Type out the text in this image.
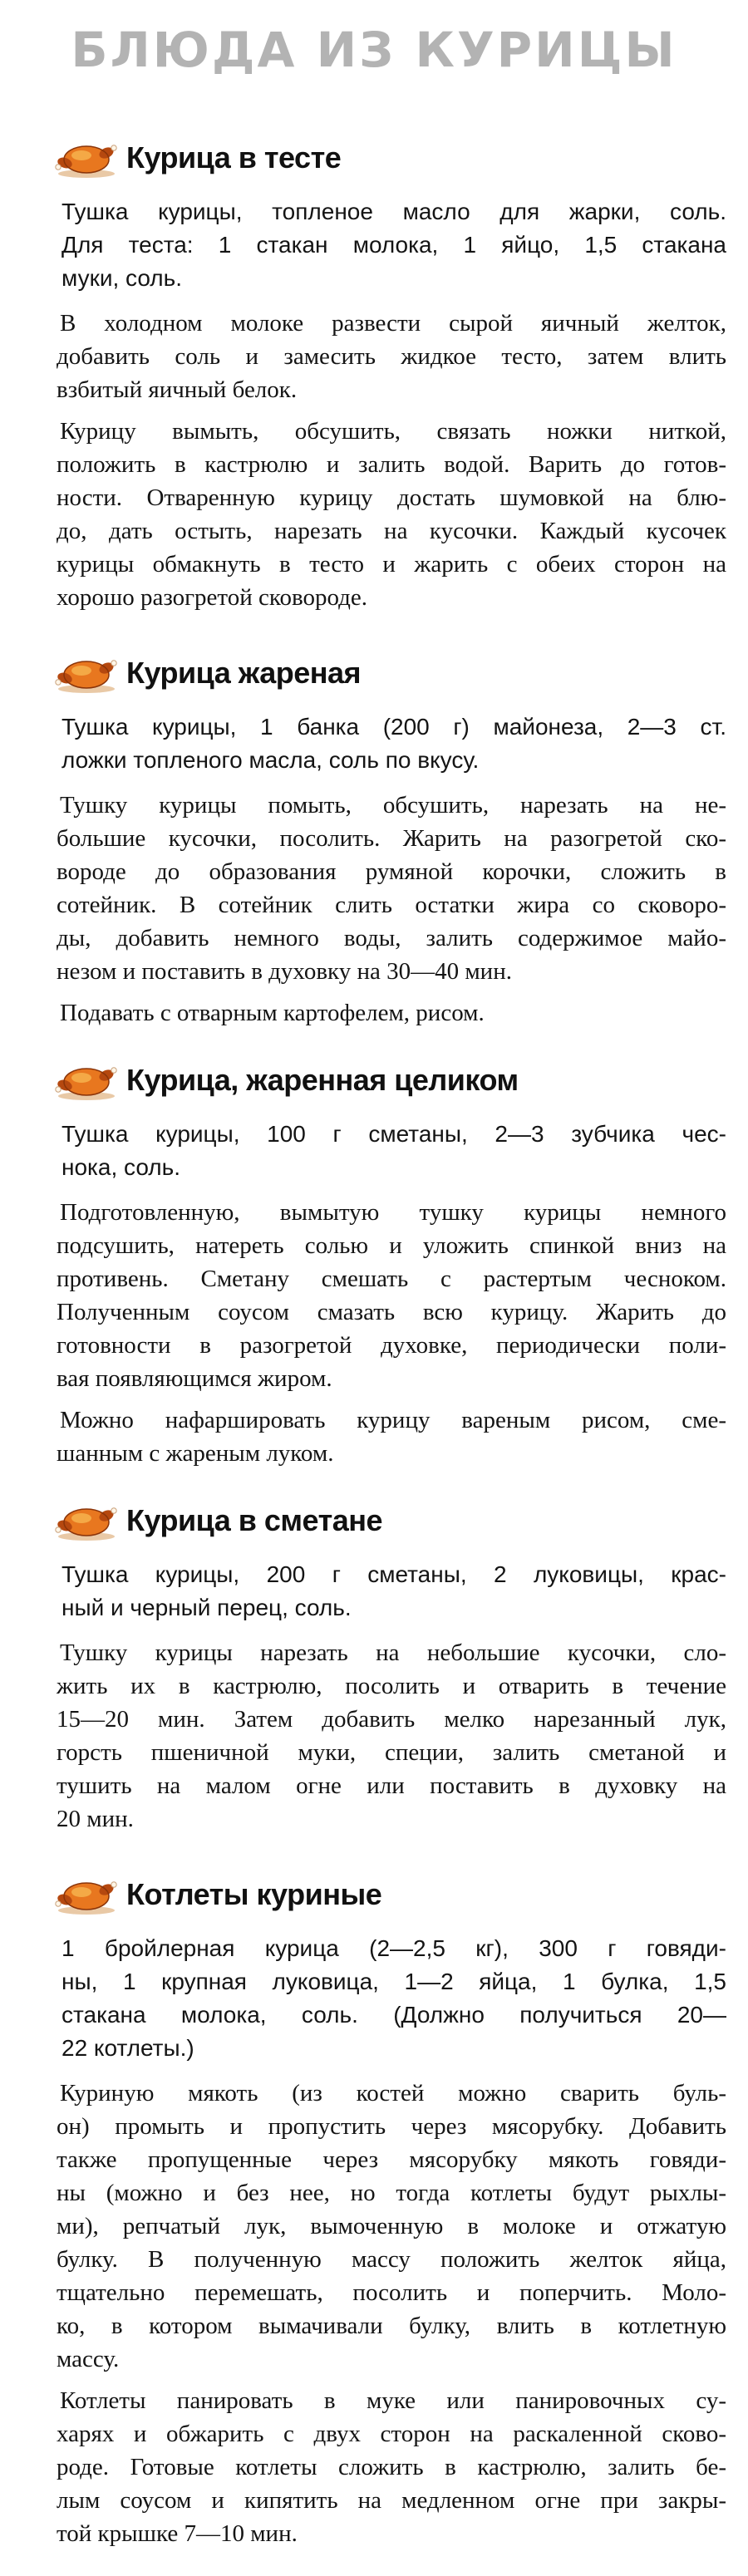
БЛЮДА ИЗ КУРИЦЫ
Курица в тесте

Тушка курицы, топленое масло для жарки, соль.

Для теста: 1 стакан молока, 1 яйцо, 1,5 стакана

муки, соль.

В холодном молоке развести сырой яичный желток,

добавить соль и замесить жидкое тесто, затем влить

взбитый яичный белок.

Курицу вымыть, обсушить, связать ножки ниткой,

положить в кастрюлю и залить водой. Варить до готов-

ности. Отваренную курицу достать шумовкой на блю-

до, дать остыть, нарезать на кусочки. Каждый кусочек

курицы обмакнуть в тесто и жарить с обеих сторон на

хорошо разогретой сковороде.

Курица жареная

Тушка курицы, 1 банка (200 г) майонеза, 2—3 ст.

ложки топленого масла, соль по вкусу.

Тушку курицы помыть, обсушить, нарезать на не-

большие кусочки, посолить. Жарить на разогретой ско-

вороде до образования румяной корочки, сложить в

сотейник. В сотейник слить остатки жира со сковоро-

ды, добавить немного воды, залить содержимое майо-

незом и поставить в духовку на 30—40 мин.

Подавать с отварным картофелем, рисом.

Курица, жаренная целиком

Тушка курицы, 100 г сметаны, 2—3 зубчика чес-

нока, соль.

Подготовленную, вымытую тушку курицы немного

подсушить, натереть солью и уложить спинкой вниз на

противень. Сметану смешать с растертым чесноком.

Полученным соусом смазать всю курицу. Жарить до

готовности в разогретой духовке, периодически поли-

вая появляющимся жиром.

Можно нафаршировать курицу вареным рисом, сме-

шанным с жареным луком.

Курица в сметане

Тушка курицы, 200 г сметаны, 2 луковицы, крас-

ный и черный перец, соль.

Тушку курицы нарезать на небольшие кусочки, сло-

жить их в кастрюлю, посолить и отварить в течение

15—20 мин. Затем добавить мелко нарезанный лук,

горсть пшеничной муки, специи, залить сметаной и

тушить на малом огне или поставить в духовку на

20 мин.

Котлеты куриные

1 бройлерная курица (2—2,5 кг), 300 г говяди-

ны, 1 крупная луковица, 1—2 яйца, 1 булка, 1,5

стакана молока, соль. (Должно получиться 20—

22 котлеты.)

Куриную мякоть (из костей можно сварить буль-

он) промыть и пропустить через мясорубку. Добавить

также пропущенные через мясорубку мякоть говяди-

ны (можно и без нее, но тогда котлеты будут рыхлы-

ми), репчатый лук, вымоченную в молоке и отжатую

булку. В полученную массу положить желток яйца,

тщательно перемешать, посолить и поперчить. Моло-

ко, в котором вымачивали булку, влить в котлетную

массу.

Котлеты панировать в муке или панировочных су-

харях и обжарить с двух сторон на раскаленной сково-

роде. Готовые котлеты сложить в кастрюлю, залить бе-

лым соусом и кипятить на медленном огне при закры-

той крышке 7—10 мин.
